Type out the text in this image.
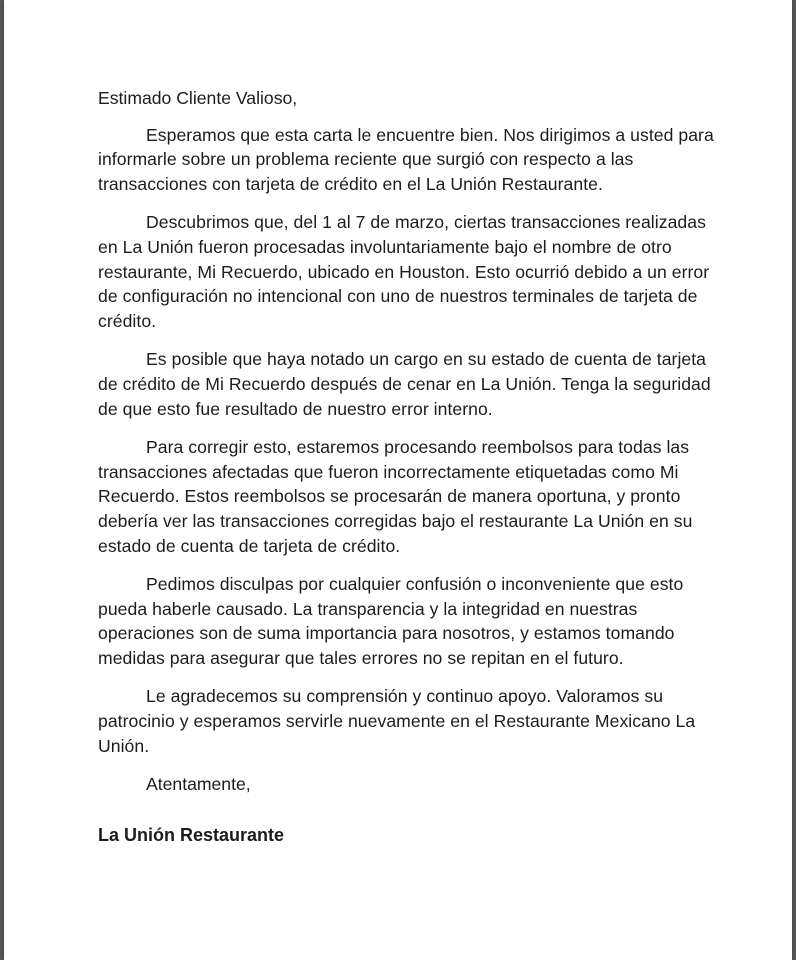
Estimado Cliente Valioso,

Esperamos que esta carta le encuentre bien. Nos dirigimos a usted para informarle sobre un problema reciente que surgió con respecto a las transacciones con tarjeta de crédito en el La Unión Restaurante.

Descubrimos que, del 1 al 7 de marzo, ciertas transacciones realizadas en La Unión fueron procesadas involuntariamente bajo el nombre de otro restaurante, Mi Recuerdo, ubicado en Houston. Esto ocurrió debido a un error de configuración no intencional con uno de nuestros terminales de tarjeta de crédito.

Es posible que haya notado un cargo en su estado de cuenta de tarjeta de crédito de Mi Recuerdo después de cenar en La Unión. Tenga la seguridad de que esto fue resultado de nuestro error interno.

Para corregir esto, estaremos procesando reembolsos para todas las transacciones afectadas que fueron incorrectamente etiquetadas como Mi Recuerdo. Estos reembolsos se procesarán de manera oportuna, y pronto debería ver las transacciones corregidas bajo el restaurante La Unión en su estado de cuenta de tarjeta de crédito.

Pedimos disculpas por cualquier confusión o inconveniente que esto pueda haberle causado. La transparencia y la integridad en nuestras operaciones son de suma importancia para nosotros, y estamos tomando medidas para asegurar que tales errores no se repitan en el futuro.

Le agradecemos su comprensión y continuo apoyo. Valoramos su patrocinio y esperamos servirle nuevamente en el Restaurante Mexicano La Unión.

Atentamente,

La Unión Restaurante
